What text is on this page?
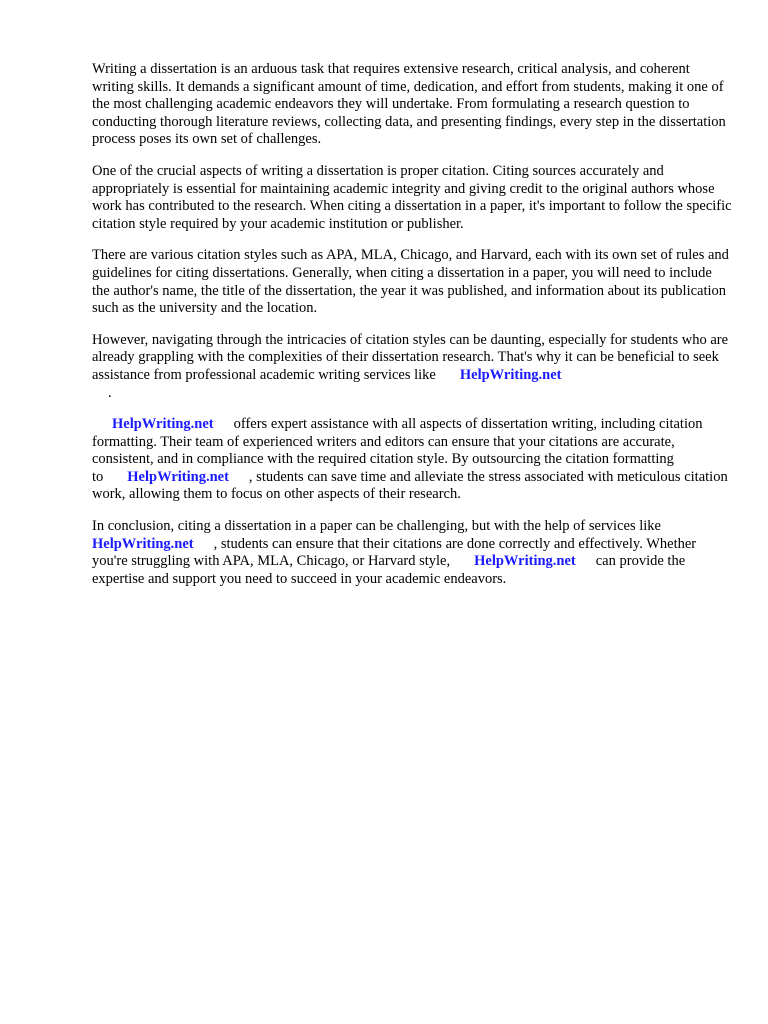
Writing a dissertation is an arduous task that requires extensive research, critical analysis, and coherent writing skills. It demands a significant amount of time, dedication, and effort from students, making it one of the most challenging academic endeavors they will undertake. From formulating a research question to conducting thorough literature reviews, collecting data, and presenting findings, every step in the dissertation process poses its own set of challenges.

One of the crucial aspects of writing a dissertation is proper citation. Citing sources accurately and appropriately is essential for maintaining academic integrity and giving credit to the original authors whose work has contributed to the research. When citing a dissertation in a paper, it's important to follow the specific citation style required by your academic institution or publisher.

There are various citation styles such as APA, MLA, Chicago, and Harvard, each with its own set of rules and guidelines for citing dissertations. Generally, when citing a dissertation in a paper, you will need to include the author's name, the title of the dissertation, the year it was published, and information about its publication such as the university and the location.

However, navigating through the intricacies of citation styles can be daunting, especially for students who are already grappling with the complexities of their dissertation research. That's why it can be beneficial to seek assistance from professional academic writing services like HelpWriting.net
.

HelpWriting.net offers expert assistance with all aspects of dissertation writing, including citation formatting. Their team of experienced writers and editors can ensure that your citations are accurate, consistent, and in compliance with the required citation style. By outsourcing the citation formatting to HelpWriting.net , students can save time and alleviate the stress associated with meticulous citation work, allowing them to focus on other aspects of their research.

In conclusion, citing a dissertation in a paper can be challenging, but with the help of services like
HelpWriting.net , students can ensure that their citations are done correctly and effectively. Whether you're struggling with APA, MLA, Chicago, or Harvard style, HelpWriting.net can provide the expertise and support you need to succeed in your academic endeavors.
